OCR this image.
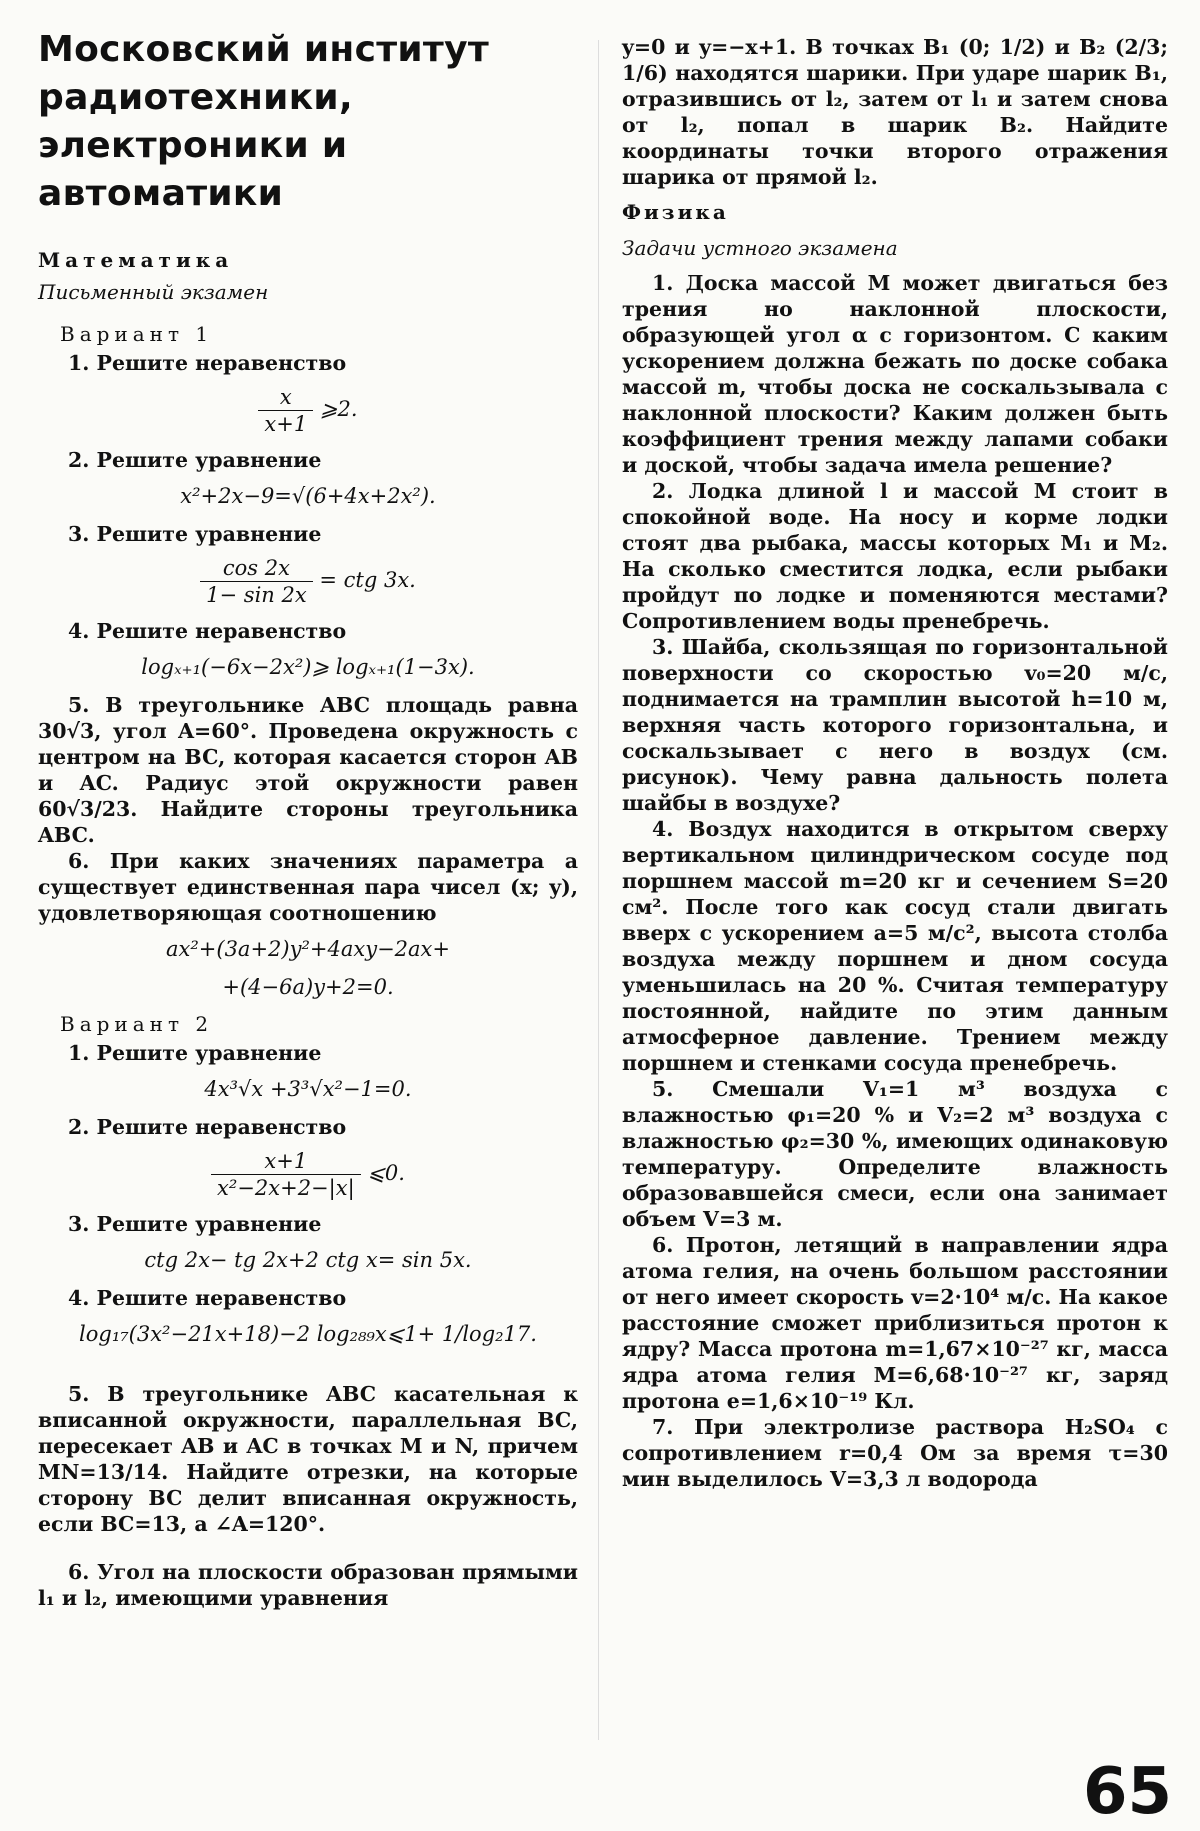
Московский институт радиотехники, электроники и автоматики
Математика
Письменный экзамен
Вариант 1

1. Решите неравенство

$\frac{x}{x+1}$ ⩾2.

2. Решите уравнение

x²+2x−9=√(6+4x+2x²).

3. Решите уравнение

$\frac{\cos 2x}{1- \sin 2x}$ = ctg 3x.

4. Решите неравенство

logₓ₊₁(−6x−2x²)⩾ logₓ₊₁(1−3x).

5. В треугольнике ABC площадь равна 30√3, угол A=60°. Проведена окружность с центром на BC, которая касается сторон AB и AC. Радиус этой окружности равен 60√3/23. Найдите стороны треугольника ABC.

6. При каких значениях параметра a существует единственная пара чисел (x; y), удовлетворяющая соотношению

ax²+(3a+2)y²+4axy−2ax+
+(4−6a)y+2=0.
Вариант 2

1. Решите уравнение

4x³√x +3³√x²−1=0.

2. Решите неравенство

$\frac{x+1}{\text{x²−2x+2−|x|}}$ ⩽0.

3. Решите уравнение

ctg 2x− tg 2x+2 ctg x= sin 5x.

4. Решите неравенство

log₁₇(3x²−21x+18)−2 log₂₈₉x⩽1+ 1/log₂17.

5. В треугольнике ABC касательная к вписанной окружности, параллельная BC, пересекает AB и AC в точках M и N, причем MN=13/14. Найдите отрезки, на которые сторону BC делит вписанная окружность, если BC=13, а ∠A=120°.

6. Угол на плоскости образован прямыми l₁ и l₂, имеющими уравнения

y=0 и y=−x+1. В точках B₁ (0; 1/2) и B₂ (2/3; 1/6) находятся шарики. При ударе шарик B₁, отразившись от l₂, затем от l₁ и затем снова от l₂, попал в шарик B₂. Найдите координаты точки второго отражения шарика от прямой l₂.

Физика
Задачи устного экзамена

1. Доска массой M может двигаться без трения но наклонной плоскости, образующей угол α с горизонтом. С каким ускорением должна бежать по доске собака массой m, чтобы доска не соскальзывала с наклонной плоскости? Каким должен быть коэффициент трения между лапами собаки и доской, чтобы задача имела решение?

2. Лодка длиной l и массой M стоит в спокойной воде. На носу и корме лодки стоят два рыбака, массы которых M₁ и M₂. На сколько сместится лодка, если рыбаки пройдут по лодке и поменяются местами? Сопротивлением воды пренебречь.

3. Шайба, скользящая по горизонтальной поверхности со скоростью v₀=20 м/с, поднимается на трамплин высотой h=10 м, верхняя часть которого горизонтальна, и соскальзывает с него в воздух (см. рисунок). Чему равна дальность полета шайбы в воздухе?

4. Воздух находится в открытом сверху вертикальном цилиндрическом сосуде под поршнем массой m=20 кг и сечением S=20 см². После того как сосуд стали двигать вверх с ускорением a=5 м/с², высота столба воздуха между поршнем и дном сосуда уменьшилась на 20 %. Считая температуру постоянной, найдите по этим данным атмосферное давление. Трением между поршнем и стенками сосуда пренебречь.

5. Смешали V₁=1 м³ воздуха с влажностью φ₁=20 % и V₂=2 м³ воздуха с влажностью φ₂=30 %, имеющих одинаковую температуру. Определите влажность образовавшейся смеси, если она занимает объем V=3 м.

6. Протон, летящий в направлении ядра атома гелия, на очень большом расстоянии от него имеет скорость v=2·10⁴ м/с. На какое расстояние сможет приблизиться протон к ядру? Масса протона m=1,67×10⁻²⁷ кг, масса ядра атома гелия M=6,68·10⁻²⁷ кг, заряд протона e=1,6×10⁻¹⁹ Кл.

7. При электролизе раствора H₂SO₄ с сопротивлением r=0,4 Ом за время τ=30 мин выделилось V=3,3 л водорода

65
